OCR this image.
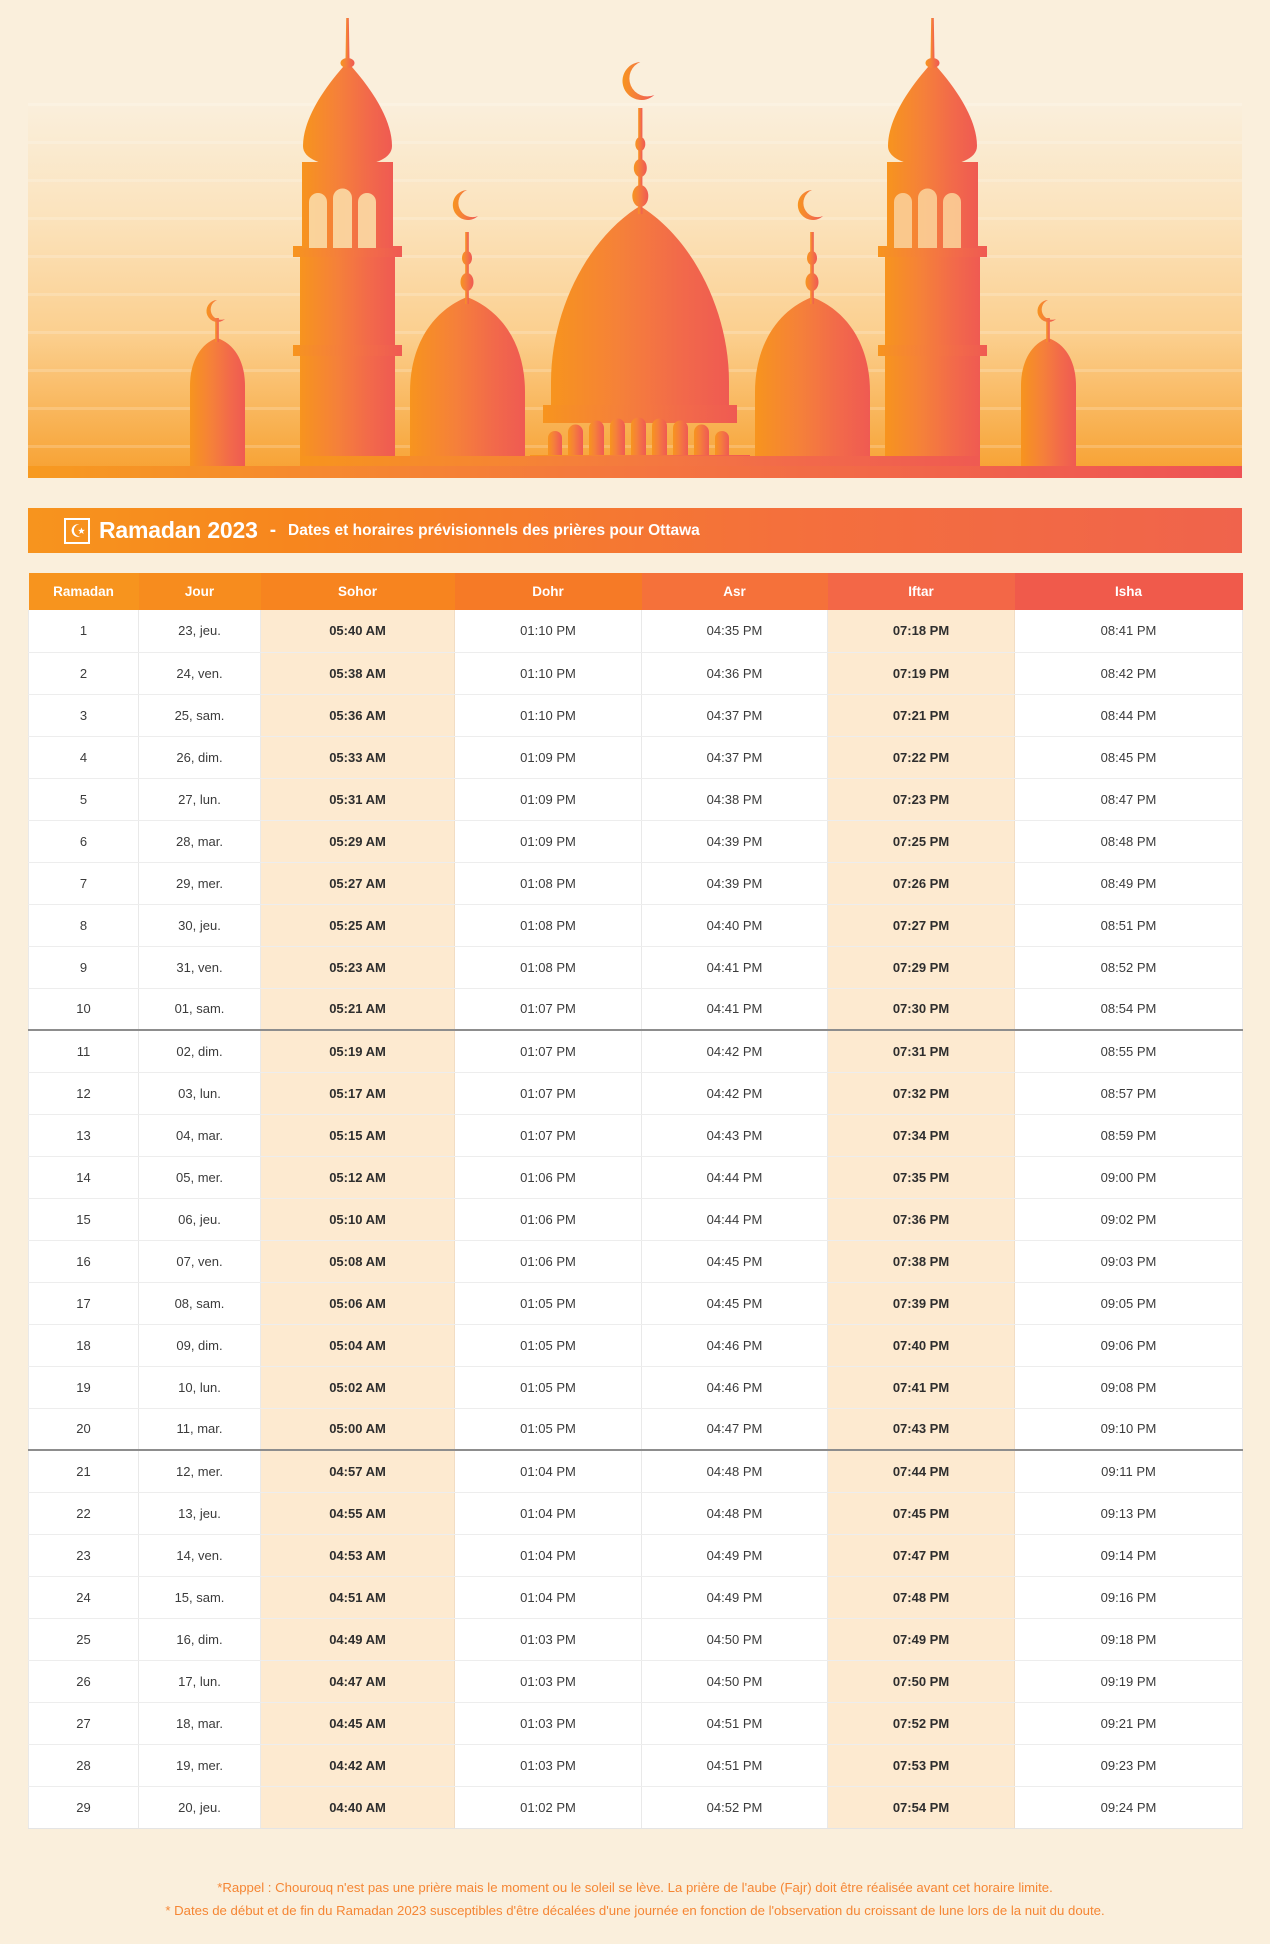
Ramadan 2023 - Dates et horaires prévisionnels des prières pour Ottawa
Ramadan	Jour	Sohor	Dohr	Asr	Iftar	Isha
1	23, jeu.	05:40 AM	01:10 PM	04:35 PM	07:18 PM	08:41 PM
2	24, ven.	05:38 AM	01:10 PM	04:36 PM	07:19 PM	08:42 PM
3	25, sam.	05:36 AM	01:10 PM	04:37 PM	07:21 PM	08:44 PM
4	26, dim.	05:33 AM	01:09 PM	04:37 PM	07:22 PM	08:45 PM
5	27, lun.	05:31 AM	01:09 PM	04:38 PM	07:23 PM	08:47 PM
6	28, mar.	05:29 AM	01:09 PM	04:39 PM	07:25 PM	08:48 PM
7	29, mer.	05:27 AM	01:08 PM	04:39 PM	07:26 PM	08:49 PM
8	30, jeu.	05:25 AM	01:08 PM	04:40 PM	07:27 PM	08:51 PM
9	31, ven.	05:23 AM	01:08 PM	04:41 PM	07:29 PM	08:52 PM
10	01, sam.	05:21 AM	01:07 PM	04:41 PM	07:30 PM	08:54 PM
11	02, dim.	05:19 AM	01:07 PM	04:42 PM	07:31 PM	08:55 PM
12	03, lun.	05:17 AM	01:07 PM	04:42 PM	07:32 PM	08:57 PM
13	04, mar.	05:15 AM	01:07 PM	04:43 PM	07:34 PM	08:59 PM
14	05, mer.	05:12 AM	01:06 PM	04:44 PM	07:35 PM	09:00 PM
15	06, jeu.	05:10 AM	01:06 PM	04:44 PM	07:36 PM	09:02 PM
16	07, ven.	05:08 AM	01:06 PM	04:45 PM	07:38 PM	09:03 PM
17	08, sam.	05:06 AM	01:05 PM	04:45 PM	07:39 PM	09:05 PM
18	09, dim.	05:04 AM	01:05 PM	04:46 PM	07:40 PM	09:06 PM
19	10, lun.	05:02 AM	01:05 PM	04:46 PM	07:41 PM	09:08 PM
20	11, mar.	05:00 AM	01:05 PM	04:47 PM	07:43 PM	09:10 PM
21	12, mer.	04:57 AM	01:04 PM	04:48 PM	07:44 PM	09:11 PM
22	13, jeu.	04:55 AM	01:04 PM	04:48 PM	07:45 PM	09:13 PM
23	14, ven.	04:53 AM	01:04 PM	04:49 PM	07:47 PM	09:14 PM
24	15, sam.	04:51 AM	01:04 PM	04:49 PM	07:48 PM	09:16 PM
25	16, dim.	04:49 AM	01:03 PM	04:50 PM	07:49 PM	09:18 PM
26	17, lun.	04:47 AM	01:03 PM	04:50 PM	07:50 PM	09:19 PM
27	18, mar.	04:45 AM	01:03 PM	04:51 PM	07:52 PM	09:21 PM
28	19, mer.	04:42 AM	01:03 PM	04:51 PM	07:53 PM	09:23 PM
29	20, jeu.	04:40 AM	01:02 PM	04:52 PM	07:54 PM	09:24 PM

*Rappel : Chourouq n'est pas une prière mais le moment ou le soleil se lève. La prière de l'aube (Fajr) doit être réalisée avant cet horaire limite.

* Dates de début et de fin du Ramadan 2023 susceptibles d'être décalées d'une journée en fonction de l'observation du croissant de lune lors de la nuit du doute.
